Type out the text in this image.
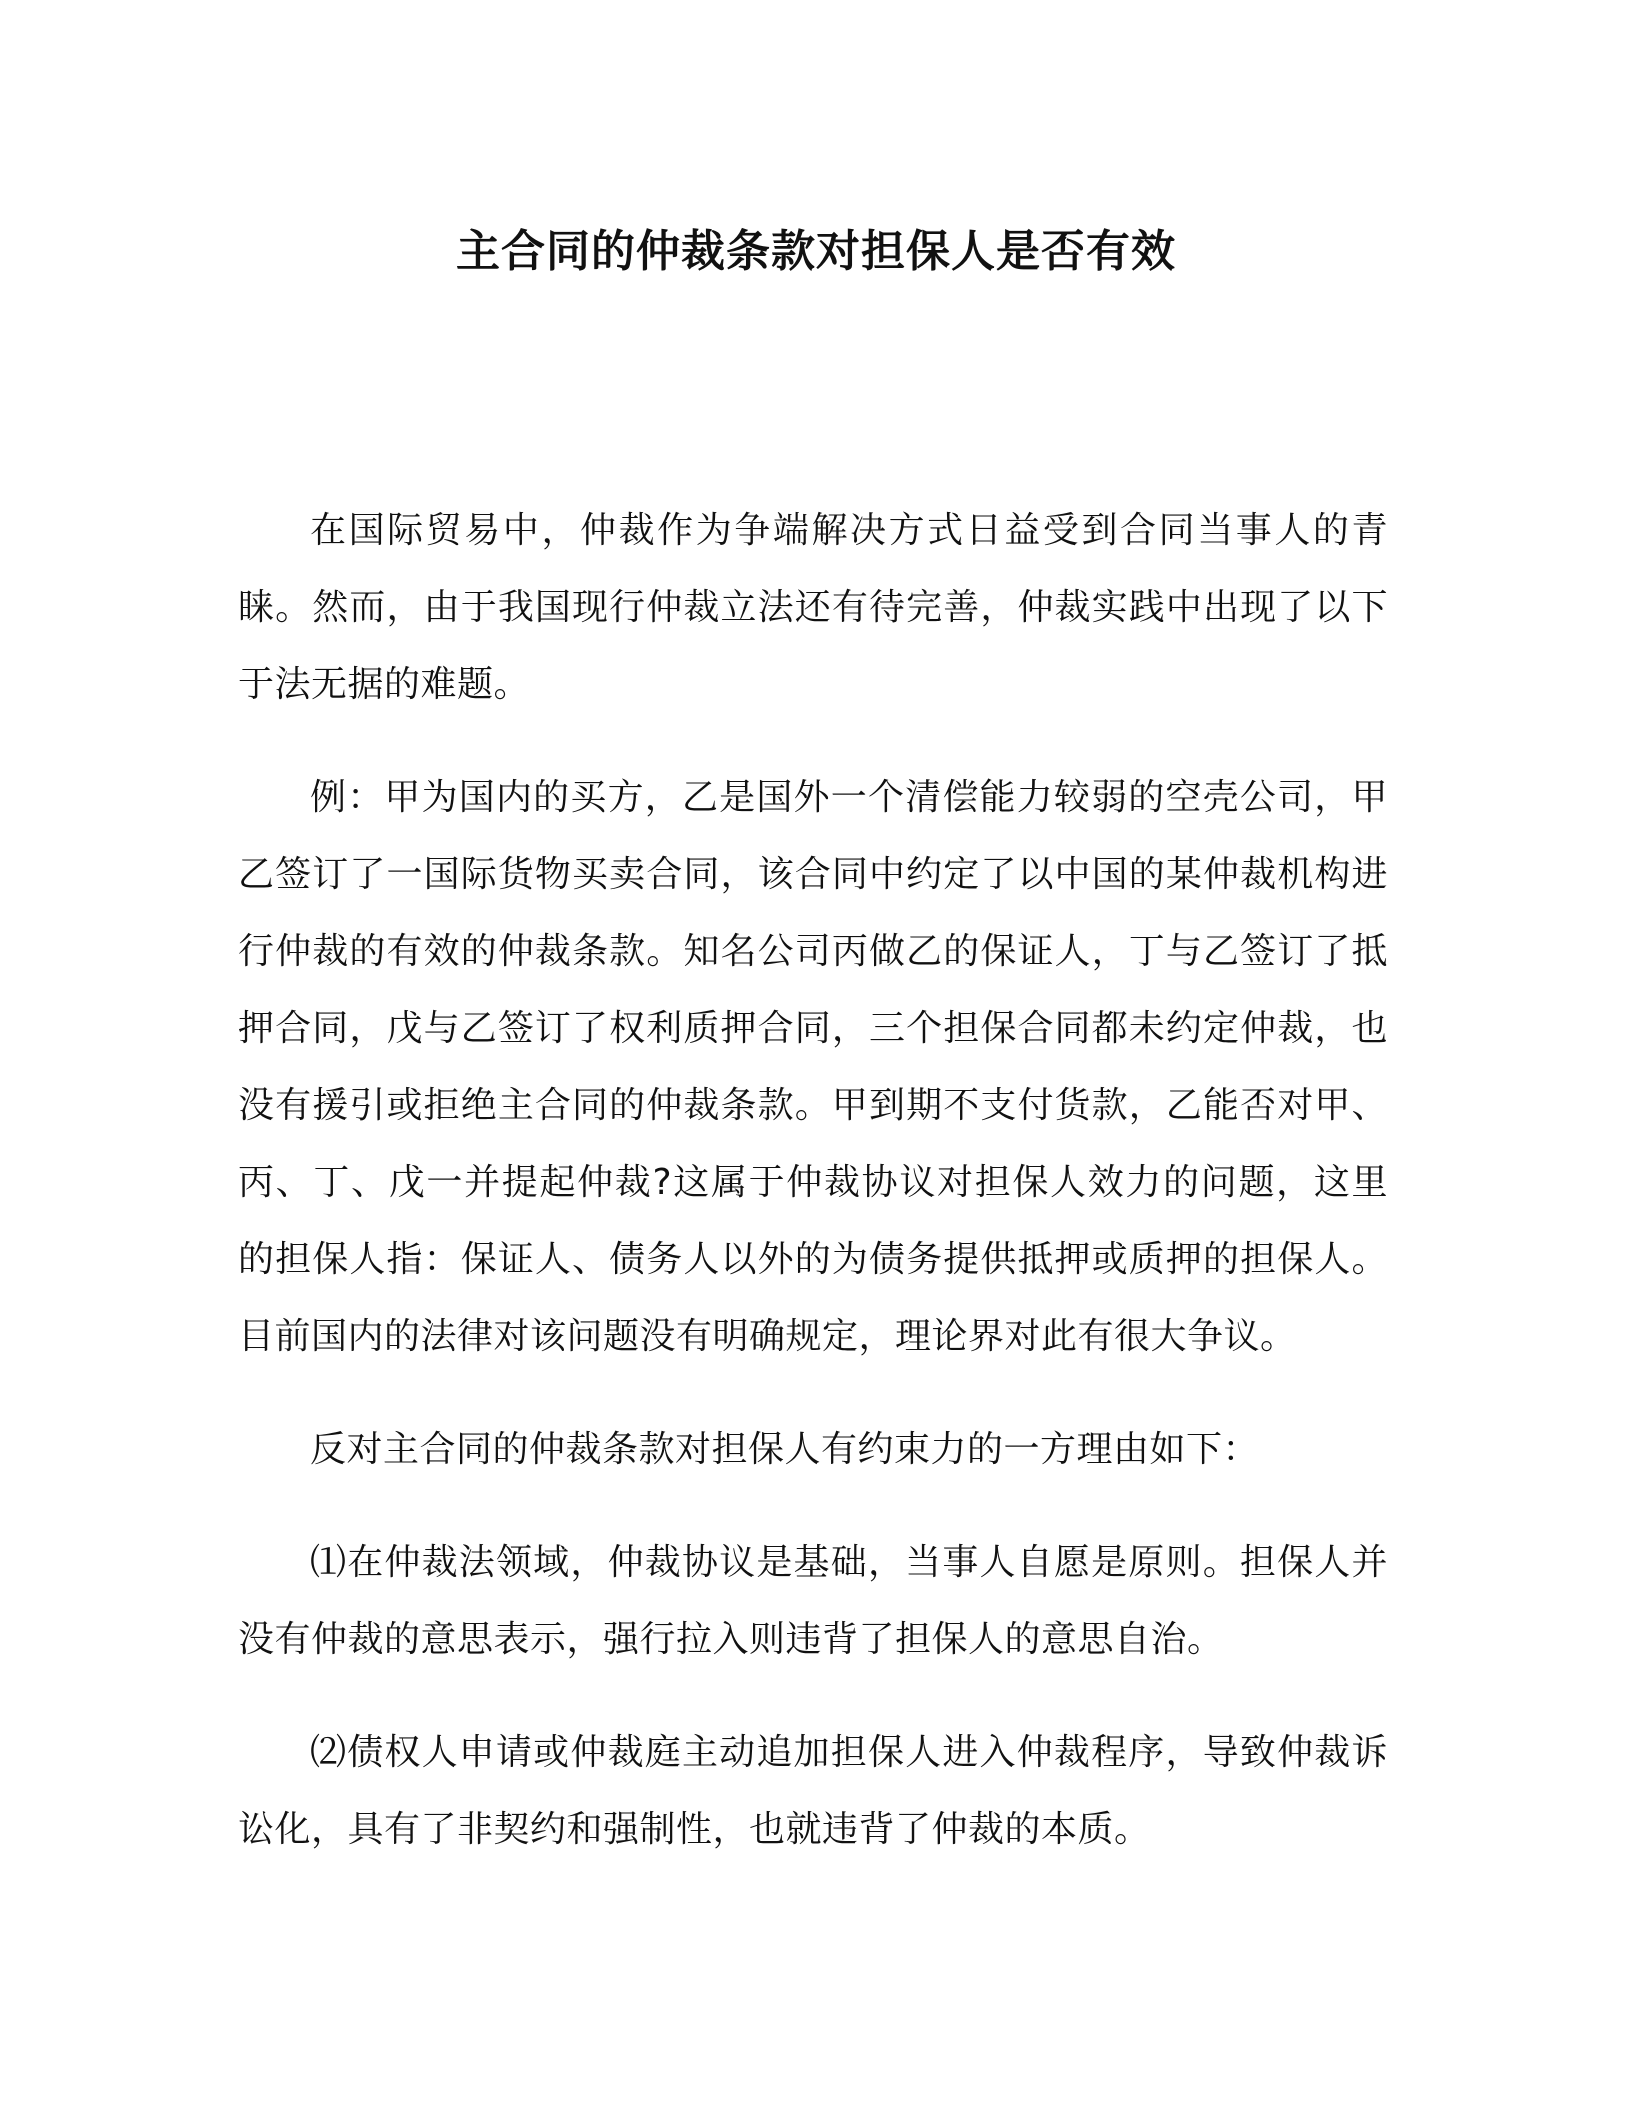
主合同的仲裁条款对担保人是否有效

在国际贸易中，仲裁作为争端解决方式日益受到合同当事人的青睐。然而，由于我国现行仲裁立法还有待完善，仲裁实践中出现了以下于法无据的难题。

例：甲为国内的买方，乙是国外一个清偿能力较弱的空壳公司，甲乙签订了一国际货物买卖合同，该合同中约定了以中国的某仲裁机构进行仲裁的有效的仲裁条款。知名公司丙做乙的保证人，丁与乙签订了抵押合同，戊与乙签订了权利质押合同，三个担保合同都未约定仲裁，也没有援引或拒绝主合同的仲裁条款。甲到期不支付货款，乙能否对甲、丙、丁、戊一并提起仲裁?这属于仲裁协议对担保人效力的问题，这里的担保人指：保证人、债务人以外的为债务提供抵押或质押的担保人。目前国内的法律对该问题没有明确规定，理论界对此有很大争议。

反对主合同的仲裁条款对担保人有约束力的一方理由如下：

⑴在仲裁法领域，仲裁协议是基础，当事人自愿是原则。担保人并没有仲裁的意思表示，强行拉入则违背了担保人的意思自治。

⑵债权人申请或仲裁庭主动追加担保人进入仲裁程序，导致仲裁诉讼化，具有了非契约和强制性，也就违背了仲裁的本质。
